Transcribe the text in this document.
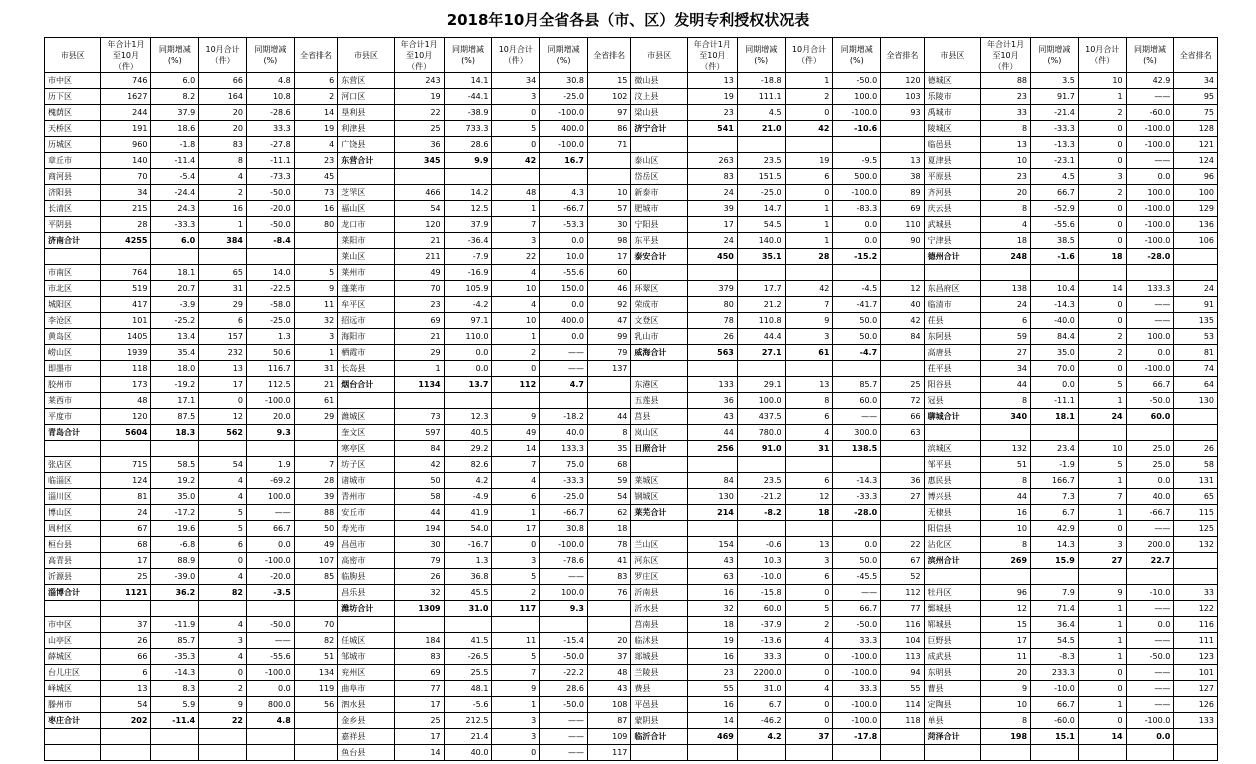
2018年10月全省各县（市、区）发明专利授权状况表
市县区	年合计1月至10月（件）	同期增减(%)	10月合计（件）	同期增减(%)	全省排名	市县区	年合计1月至10月（件）	同期增减(%)	10月合计（件）	同期增减(%)	全省排名	市县区	年合计1月至10月（件）	同期增减(%)	10月合计（件）	同期增减(%)	全省排名	市县区	年合计1月至10月（件）	同期增减(%)	10月合计（件）	同期增减(%)	全省排名
市中区	746	6.0	66	4.8	6	东营区	243	14.1	34	30.8	15	微山县	13	-18.8	1	-50.0	120	德城区	88	3.5	10	42.9	34
历下区	1627	8.2	164	10.8	2	河口区	19	-44.1	3	-25.0	102	汶上县	19	111.1	2	100.0	103	乐陵市	23	91.7	1	——	95
槐荫区	244	37.9	20	-28.6	14	垦利县	22	-38.9	0	-100.0	97	梁山县	23	4.5	0	-100.0	93	禹城市	33	-21.4	2	-60.0	75
天桥区	191	18.6	20	33.3	19	利津县	25	733.3	5	400.0	86	济宁合计	541	21.0	42	-10.6		陵城区	8	-33.3	0	-100.0	128
历城区	960	-1.8	83	-27.8	4	广饶县	36	28.6	0	-100.0	71							临邑县	13	-13.3	0	-100.0	121
章丘市	140	-11.4	8	-11.1	23	东营合计	345	9.9	42	16.7		泰山区	263	23.5	19	-9.5	13	夏津县	10	-23.1	0	——	124
商河县	70	-5.4	4	-73.3	45							岱岳区	83	151.5	6	500.0	38	平原县	23	4.5	3	0.0	96
济阳县	34	-24.4	2	-50.0	73	芝罘区	466	14.2	48	4.3	10	新泰市	24	-25.0	0	-100.0	89	齐河县	20	66.7	2	100.0	100
长清区	215	24.3	16	-20.0	16	福山区	54	12.5	1	-66.7	57	肥城市	39	14.7	1	-83.3	69	庆云县	8	-52.9	0	-100.0	129
平阴县	28	-33.3	1	-50.0	80	龙口市	120	37.9	7	-53.3	30	宁阳县	17	54.5	1	0.0	110	武城县	4	-55.6	0	-100.0	136
济南合计	4255	6.0	384	-8.4		莱阳市	21	-36.4	3	0.0	98	东平县	24	140.0	1	0.0	90	宁津县	18	38.5	0	-100.0	106
						莱山区	211	-7.9	22	10.0	17	泰安合计	450	35.1	28	-15.2		德州合计	248	-1.6	18	-28.0	
市南区	764	18.1	65	14.0	5	莱州市	49	-16.9	4	-55.6	60												
市北区	519	20.7	31	-22.5	9	蓬莱市	70	105.9	10	150.0	46	环翠区	379	17.7	42	-4.5	12	东昌府区	138	10.4	14	133.3	24
城阳区	417	-3.9	29	-58.0	11	牟平区	23	-4.2	4	0.0	92	荣成市	80	21.2	7	-41.7	40	临清市	24	-14.3	0	——	91
李沧区	101	-25.2	6	-25.0	32	招远市	69	97.1	10	400.0	47	文登区	78	110.8	9	50.0	42	茌县	6	-40.0	0	——	135
黄岛区	1405	13.4	157	1.3	3	海阳市	21	110.0	1	0.0	99	乳山市	26	44.4	3	50.0	84	东阿县	59	84.4	2	100.0	53
崂山区	1939	35.4	232	50.6	1	栖霞市	29	0.0	2	——	79	威海合计	563	27.1	61	-4.7		高唐县	27	35.0	2	0.0	81
即墨市	118	18.0	13	116.7	31	长岛县	1	0.0	0	——	137							茌平县	34	70.0	0	-100.0	74
胶州市	173	-19.2	17	112.5	21	烟台合计	1134	13.7	112	4.7		东港区	133	29.1	13	85.7	25	阳谷县	44	0.0	5	66.7	64
莱西市	48	17.1	0	-100.0	61							五莲县	36	100.0	8	60.0	72	冠县	8	-11.1	1	-50.0	130
平度市	120	87.5	12	20.0	29	潍城区	73	12.3	9	-18.2	44	莒县	43	437.5	6	——	66	聊城合计	340	18.1	24	60.0	
青岛合计	5604	18.3	562	9.3		奎文区	597	40.5	49	40.0	8	岚山区	44	780.0	4	300.0	63						
						寒亭区	84	29.2	14	133.3	35	日照合计	256	91.0	31	138.5		滨城区	132	23.4	10	25.0	26
张店区	715	58.5	54	1.9	7	坊子区	42	82.6	7	75.0	68							邹平县	51	-1.9	5	25.0	58
临淄区	124	19.2	4	-69.2	28	诸城市	50	4.2	4	-33.3	59	莱城区	84	23.5	6	-14.3	36	惠民县	8	166.7	1	0.0	131
淄川区	81	35.0	4	100.0	39	青州市	58	-4.9	6	-25.0	54	钢城区	130	-21.2	12	-33.3	27	博兴县	44	7.3	7	40.0	65
博山区	24	-17.2	5	——	88	安丘市	44	41.9	1	-66.7	62	莱芜合计	214	-8.2	18	-28.0		无棣县	16	6.7	1	-66.7	115
周村区	67	19.6	5	66.7	50	寿光市	194	54.0	17	30.8	18							阳信县	10	42.9	0	——	125
桓台县	68	-6.8	6	0.0	49	昌邑市	30	-16.7	0	-100.0	78	兰山区	154	-0.6	13	0.0	22	沾化区	8	14.3	3	200.0	132
高青县	17	88.9	0	-100.0	107	高密市	79	1.3	3	-78.6	41	河东区	43	10.3	3	50.0	67	滨州合计	269	15.9	27	22.7	
沂源县	25	-39.0	4	-20.0	85	临朐县	26	36.8	5	——	83	罗庄区	63	-10.0	6	-45.5	52						
淄博合计	1121	36.2	82	-3.5		昌乐县	32	45.5	2	100.0	76	沂南县	16	-15.8	0	——	112	牡丹区	96	7.9	9	-10.0	33
						潍坊合计	1309	31.0	117	9.3		沂水县	32	60.0	5	66.7	77	鄄城县	12	71.4	1	——	122
市中区	37	-11.9	4	-50.0	70							莒南县	18	-37.9	2	-50.0	116	郓城县	15	36.4	1	0.0	116
山亭区	26	85.7	3	——	82	任城区	184	41.5	11	-15.4	20	临沭县	19	-13.6	4	33.3	104	巨野县	17	54.5	1	——	111
薛城区	66	-35.3	4	-55.6	51	邹城市	83	-26.5	5	-50.0	37	郯城县	16	33.3	0	-100.0	113	成武县	11	-8.3	1	-50.0	123
台儿庄区	6	-14.3	0	-100.0	134	兖州区	69	25.5	7	-22.2	48	兰陵县	23	2200.0	0	-100.0	94	东明县	20	233.3	0	——	101
峄城区	13	8.3	2	0.0	119	曲阜市	77	48.1	9	28.6	43	费县	55	31.0	4	33.3	55	曹县	9	-10.0	0	——	127
滕州市	54	5.9	9	800.0	56	泗水县	17	-5.6	1	-50.0	108	平邑县	16	6.7	0	-100.0	114	定陶县	10	66.7	1	——	126
枣庄合计	202	-11.4	22	4.8		金乡县	25	212.5	3	——	87	蒙阴县	14	-46.2	0	-100.0	118	单县	8	-60.0	0	-100.0	133
						嘉祥县	17	21.4	3	——	109	临沂合计	469	4.2	37	-17.8		菏泽合计	198	15.1	14	0.0	
						鱼台县	14	40.0	0	——	117												
